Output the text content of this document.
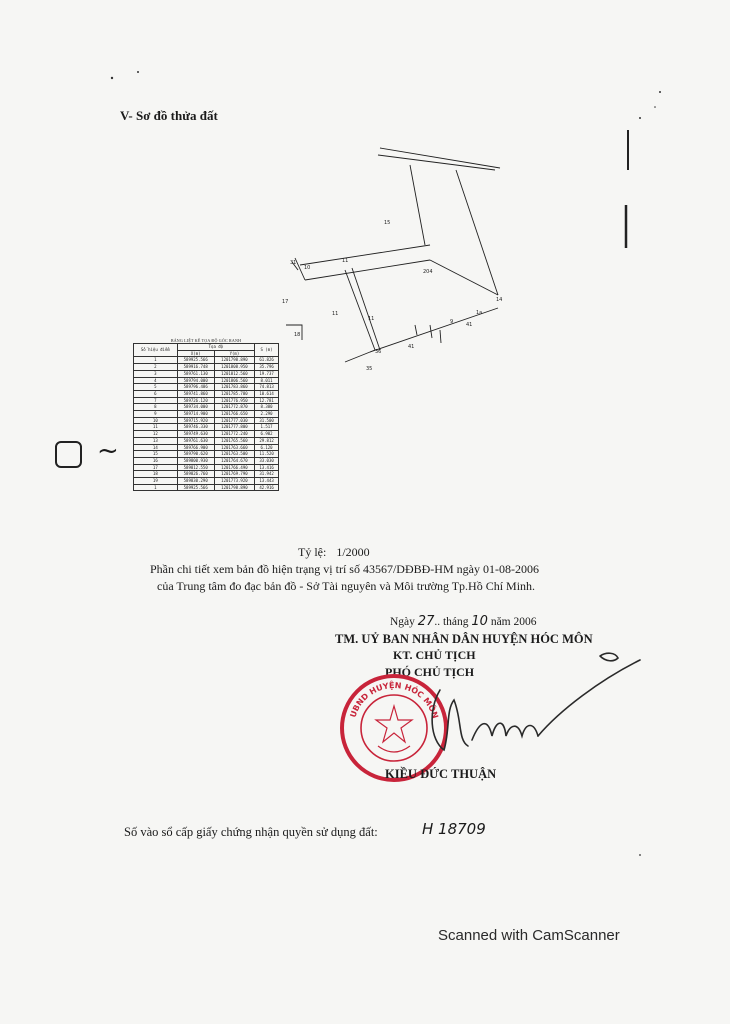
V- Sơ đồ thửa đất
15
204
17
18
11
11
14
41
41
35
36
31
10
11
9
1a
BẢNG LIỆT KÊ TỌA ĐỘ GÓC RANH
Số hiệu điểm	Tọa độ		S (m)
	X(m)	Y(m)	
1	589925.566	1201798.890	61.826
2	589916.748	1201808.950	35.796
3	589761.130	1201812.560	19.737
4	589794.000	1201806.560	8.011
5	589796.486	1201783.860	74.813
6	589741.860	1201785.780	10.614
7	589726.120	1201776.950	12.781
8	589734.000	1201772.870	8.380
9	589714.900	1201766.650	2.290
10	589715.920	1201777.030	31.500
11	589746.330	1201777.800	1.517
12	589749.630	1201772.240	6.902
13	589761.630	1201765.560	29.812
14	589766.900	1201763.660	6.120
15	589790.620	1201763.500	11.520
16	589800.930	1201764.670	33.030
17	589812.550	1201766.490	13.416
18	589826.760	1201769.790	31.942
19	589830.290	1201773.920	13.443
1	589925.566	1201798.890	42.916
~
Tỷ lệ: 1/2000
Phần chi tiết xem bản đồ hiện trạng vị trí số 43567/DĐBĐ-HM ngày 01-08-2006
của Trung tâm đo đạc bản đồ - Sở Tài nguyên và Môi trường Tp.Hồ Chí Minh.
Ngày 27.. tháng 10 năm 2006
TM. UỶ BAN NHÂN DÂN HUYỆN HÓC MÔN
KT. CHỦ TỊCH
PHÓ CHỦ TỊCH
UBND HUYỆN HÓC MÔN
KIỀU ĐỨC THUẬN
Số vào sổ cấp giấy chứng nhận quyền sử dụng đất:	H 18709
Scanned with CamScanner
